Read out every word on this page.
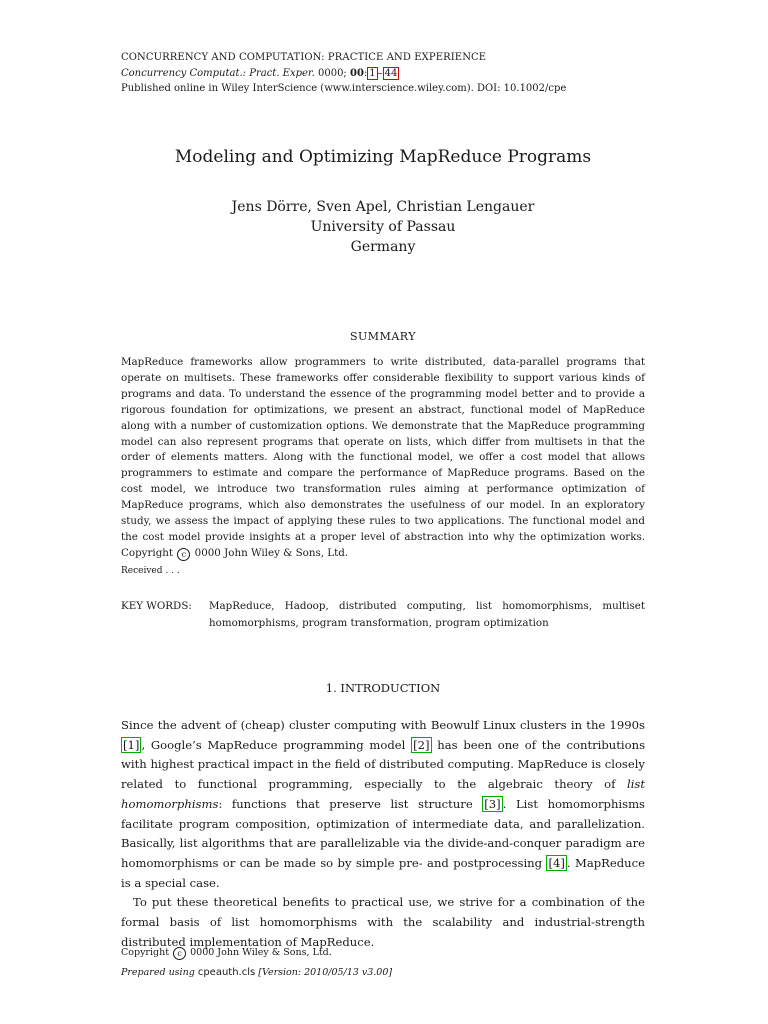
CONCURRENCY AND COMPUTATION: PRACTICE AND EXPERIENCE
Concurrency Computat.: Pract. Exper. 0000; 00: 1 – 44
Published online in Wiley InterScience (www.interscience.wiley.com). DOI: 10.1002/cpe
Modeling and Optimizing MapReduce Programs
Jens Dörre, Sven Apel, Christian Lengauer
University of Passau
Germany
SUMMARY
MapReduce frameworks allow programmers to write distributed, data-parallel programs that operate on multisets. These frameworks offer considerable flexibility to support various kinds of programs and data. To understand the essence of the programming model better and to provide a rigorous foundation for optimizations, we present an abstract, functional model of MapReduce along with a number of customization options. We demonstrate that the MapReduce programming model can also represent programs that operate on lists, which differ from multisets in that the order of elements matters. Along with the functional model, we offer a cost model that allows programmers to estimate and compare the performance of MapReduce programs. Based on the cost model, we introduce two transformation rules aiming at performance optimization of MapReduce programs, which also demonstrates the usefulness of our model. In an exploratory study, we assess the impact of applying these rules to two applications. The functional model and the cost model provide insights at a proper level of abstraction into why the optimization works. Copyright c 0000 John Wiley & Sons, Ltd.
Received . . .
KEY WORDS: MapReduce, Hadoop, distributed computing, list homomorphisms, multiset homomorphisms, program transformation, program optimization
1. INTRODUCTION

Since the advent of (cheap) cluster computing with Beowulf Linux clusters in the 1990s [1] , Google’s MapReduce programming model [2] has been one of the contributions with highest practical impact in the field of distributed computing. MapReduce is closely related to functional programming, especially to the algebraic theory of list homomorphisms: functions that preserve list structure [3] . List homomorphisms facilitate program composition, optimization of intermediate data, and parallelization. Basically, list algorithms that are parallelizable via the divide-and-conquer paradigm are homomorphisms or can be made so by simple pre- and postprocessing [4] . MapReduce is a special case.

To put these theoretical benefits to practical use, we strive for a combination of the formal basis of list homomorphisms with the scalability and industrial-strength distributed implementation of MapReduce.

Copyright c 0000 John Wiley & Sons, Ltd.
Prepared using cpeauth.cls [Version: 2010/05/13 v3.00]
